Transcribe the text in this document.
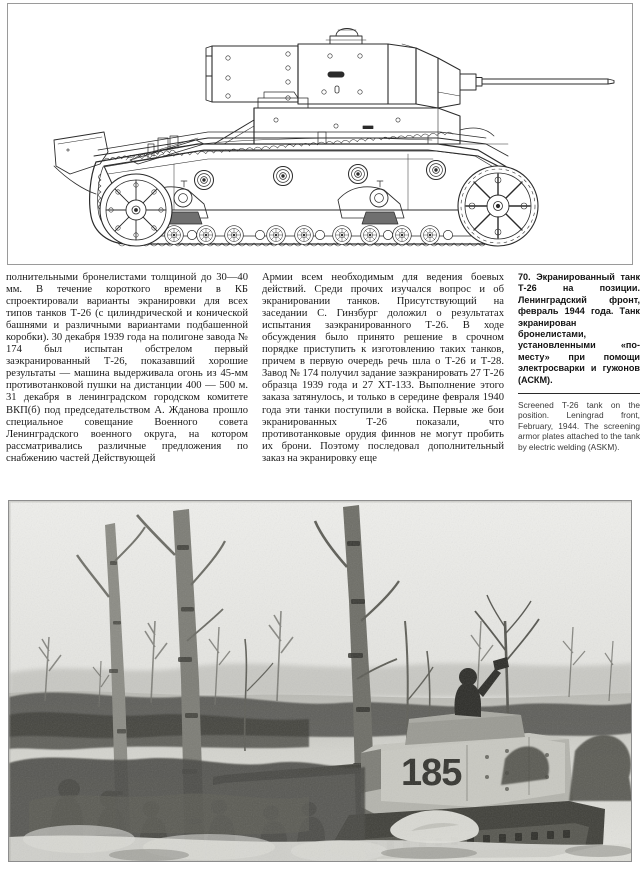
полнительными бронелистами толщиной до 30—40 мм. В течение короткого времени в КБ спроектировали варианты экранировки для всех типов танков Т-26 (с цилиндрической и конической башнями и различными вариантами подбашенной коробки). 30 декабря 1939 года на полигоне завода № 174 был испытан обстрелом первый заэкранированный Т-26, показавший хорошие результаты — машина выдерживала огонь из 45-мм противотанковой пушки на дистанции 400 — 500 м. 31 декабря в ленинградском городском комитете ВКП(б) под председательством А. Жданова прошло специальное совещание Военного совета Ленинградского военного округа, на котором рассматривались различные предложения по снабжению частей Действующей

Армии всем необходимым для ведения боевых действий. Среди прочих изучался вопрос и об экранировании танков. Присутствующий на заседании С. Гинзбург доложил о результатах испытания заэкранированного Т-26. В ходе обсуждения было принято решение в срочном порядке приступить к изготовлению таких танков, причем в первую очередь речь шла о Т-26 и Т-28. Завод № 174 получил задание заэкранировать 27 Т-26 образца 1939 года и 27 ХТ-133. Выполнение этого заказа затянулось, и только в середине февраля 1940 года эти танки поступили в войска. Первые же бои экранированных Т-26 показали, что противотанковые орудия финнов не могут пробить их брони. Поэтому последовал дополнительный заказ на экранировку еще

70. Экранированный танк Т-26 на позиции. Ленинградский фронт, февраль 1944 года. Танк экранирован бронелистами, установленными «по-месту» при помощи электросварки и гужонов (АСКМ).

Screened T-26 tank on the position. Leningrad front, February, 1944. The screening armor plates attached to the tank by electric welding (ASKM).
